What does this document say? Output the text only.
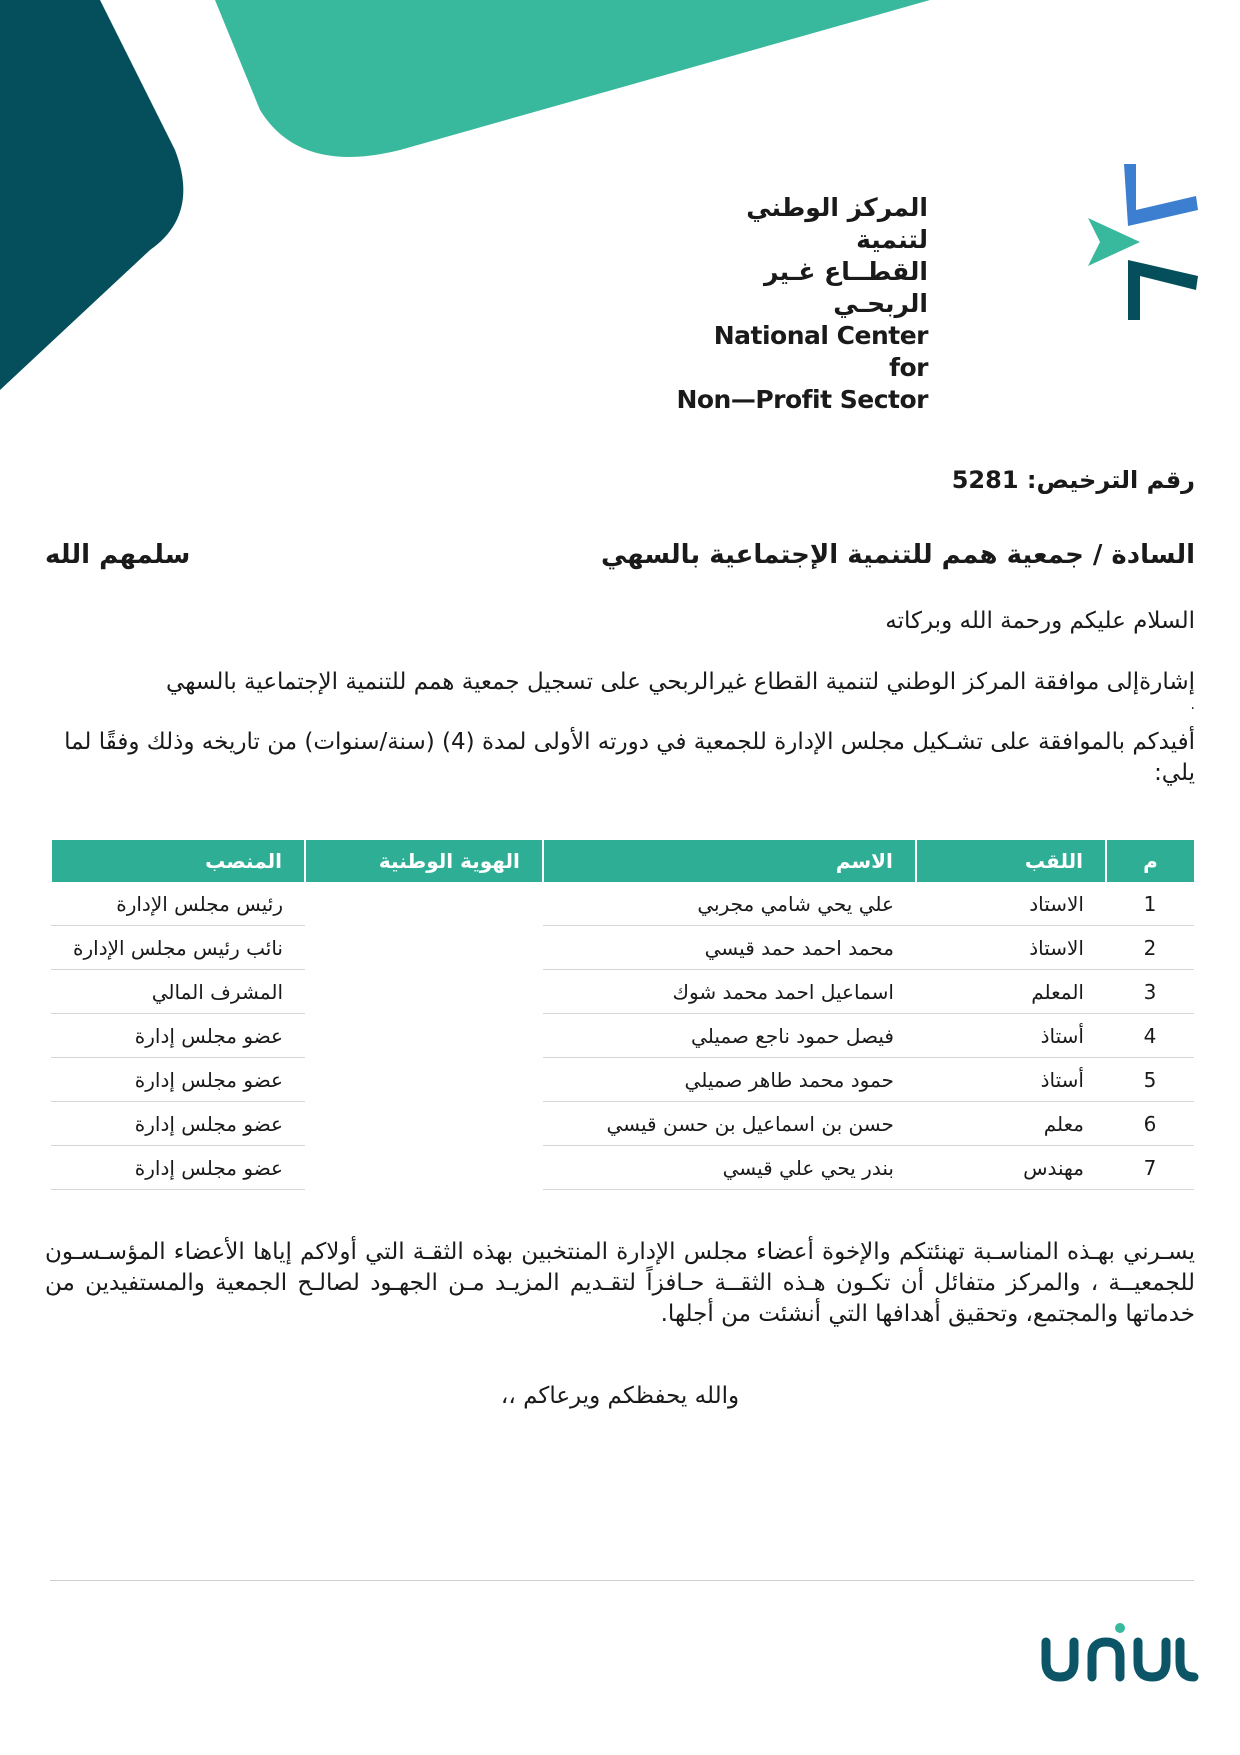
المركز الوطني لتنمية
القطــاع غـير الربحـي
National Center for
Non—Profit Sector
رقم الترخيص: 5281
السادة / جمعية همم للتنمية الإجتماعية بالسهي
سلمهم الله
السلام عليكم ورحمة الله وبركاته
إشارةإلى موافقة المركز الوطني لتنمية القطاع غيرالربحي على تسجيل جمعية همم للتنمية الإجتماعية بالسهي
.
أفيدكم بالموافقة على تشـكيل مجلس الإدارة للجمعية في دورته الأولى لمدة (4) (سنة/سنوات) من تاريخه وذلك وفقًا لما يلي:
م	اللقب	الاسم	الهوية الوطنية	المنصب
1	الاستاد	علي يحي شامي مجربي		رئيس مجلس الإدارة
2	الاستاذ	محمد احمد حمد قيسي		نائب رئيس مجلس الإدارة
3	المعلم	اسماعيل احمد محمد شوك		المشرف المالي
4	أستاذ	فيصل حمود ناجع صميلي		عضو مجلس إدارة
5	أستاذ	حمود محمد طاهر صميلي		عضو مجلس إدارة
6	معلم	حسن بن اسماعيل بن حسن قيسي		عضو مجلس إدارة
7	مهندس	بندر يحي علي قيسي		عضو مجلس إدارة
يسـرني بهـذه المناسـبة تهنئتكم والإخوة أعضاء مجلس الإدارة المنتخبين بهذه الثقـة التي أولاكم إياها الأعضاء المؤسـسـون للجمعيــة ، والمركز متفائل أن تكـون هـذه الثقــة حـافزاً لتقـديم المزيـد مـن الجهـود لصالـح الجمعية والمستفيدين من خدماتها والمجتمع، وتحقيق أهدافها التي أنشئت من أجلها.
والله يحفظكم ويرعاكم ،،
